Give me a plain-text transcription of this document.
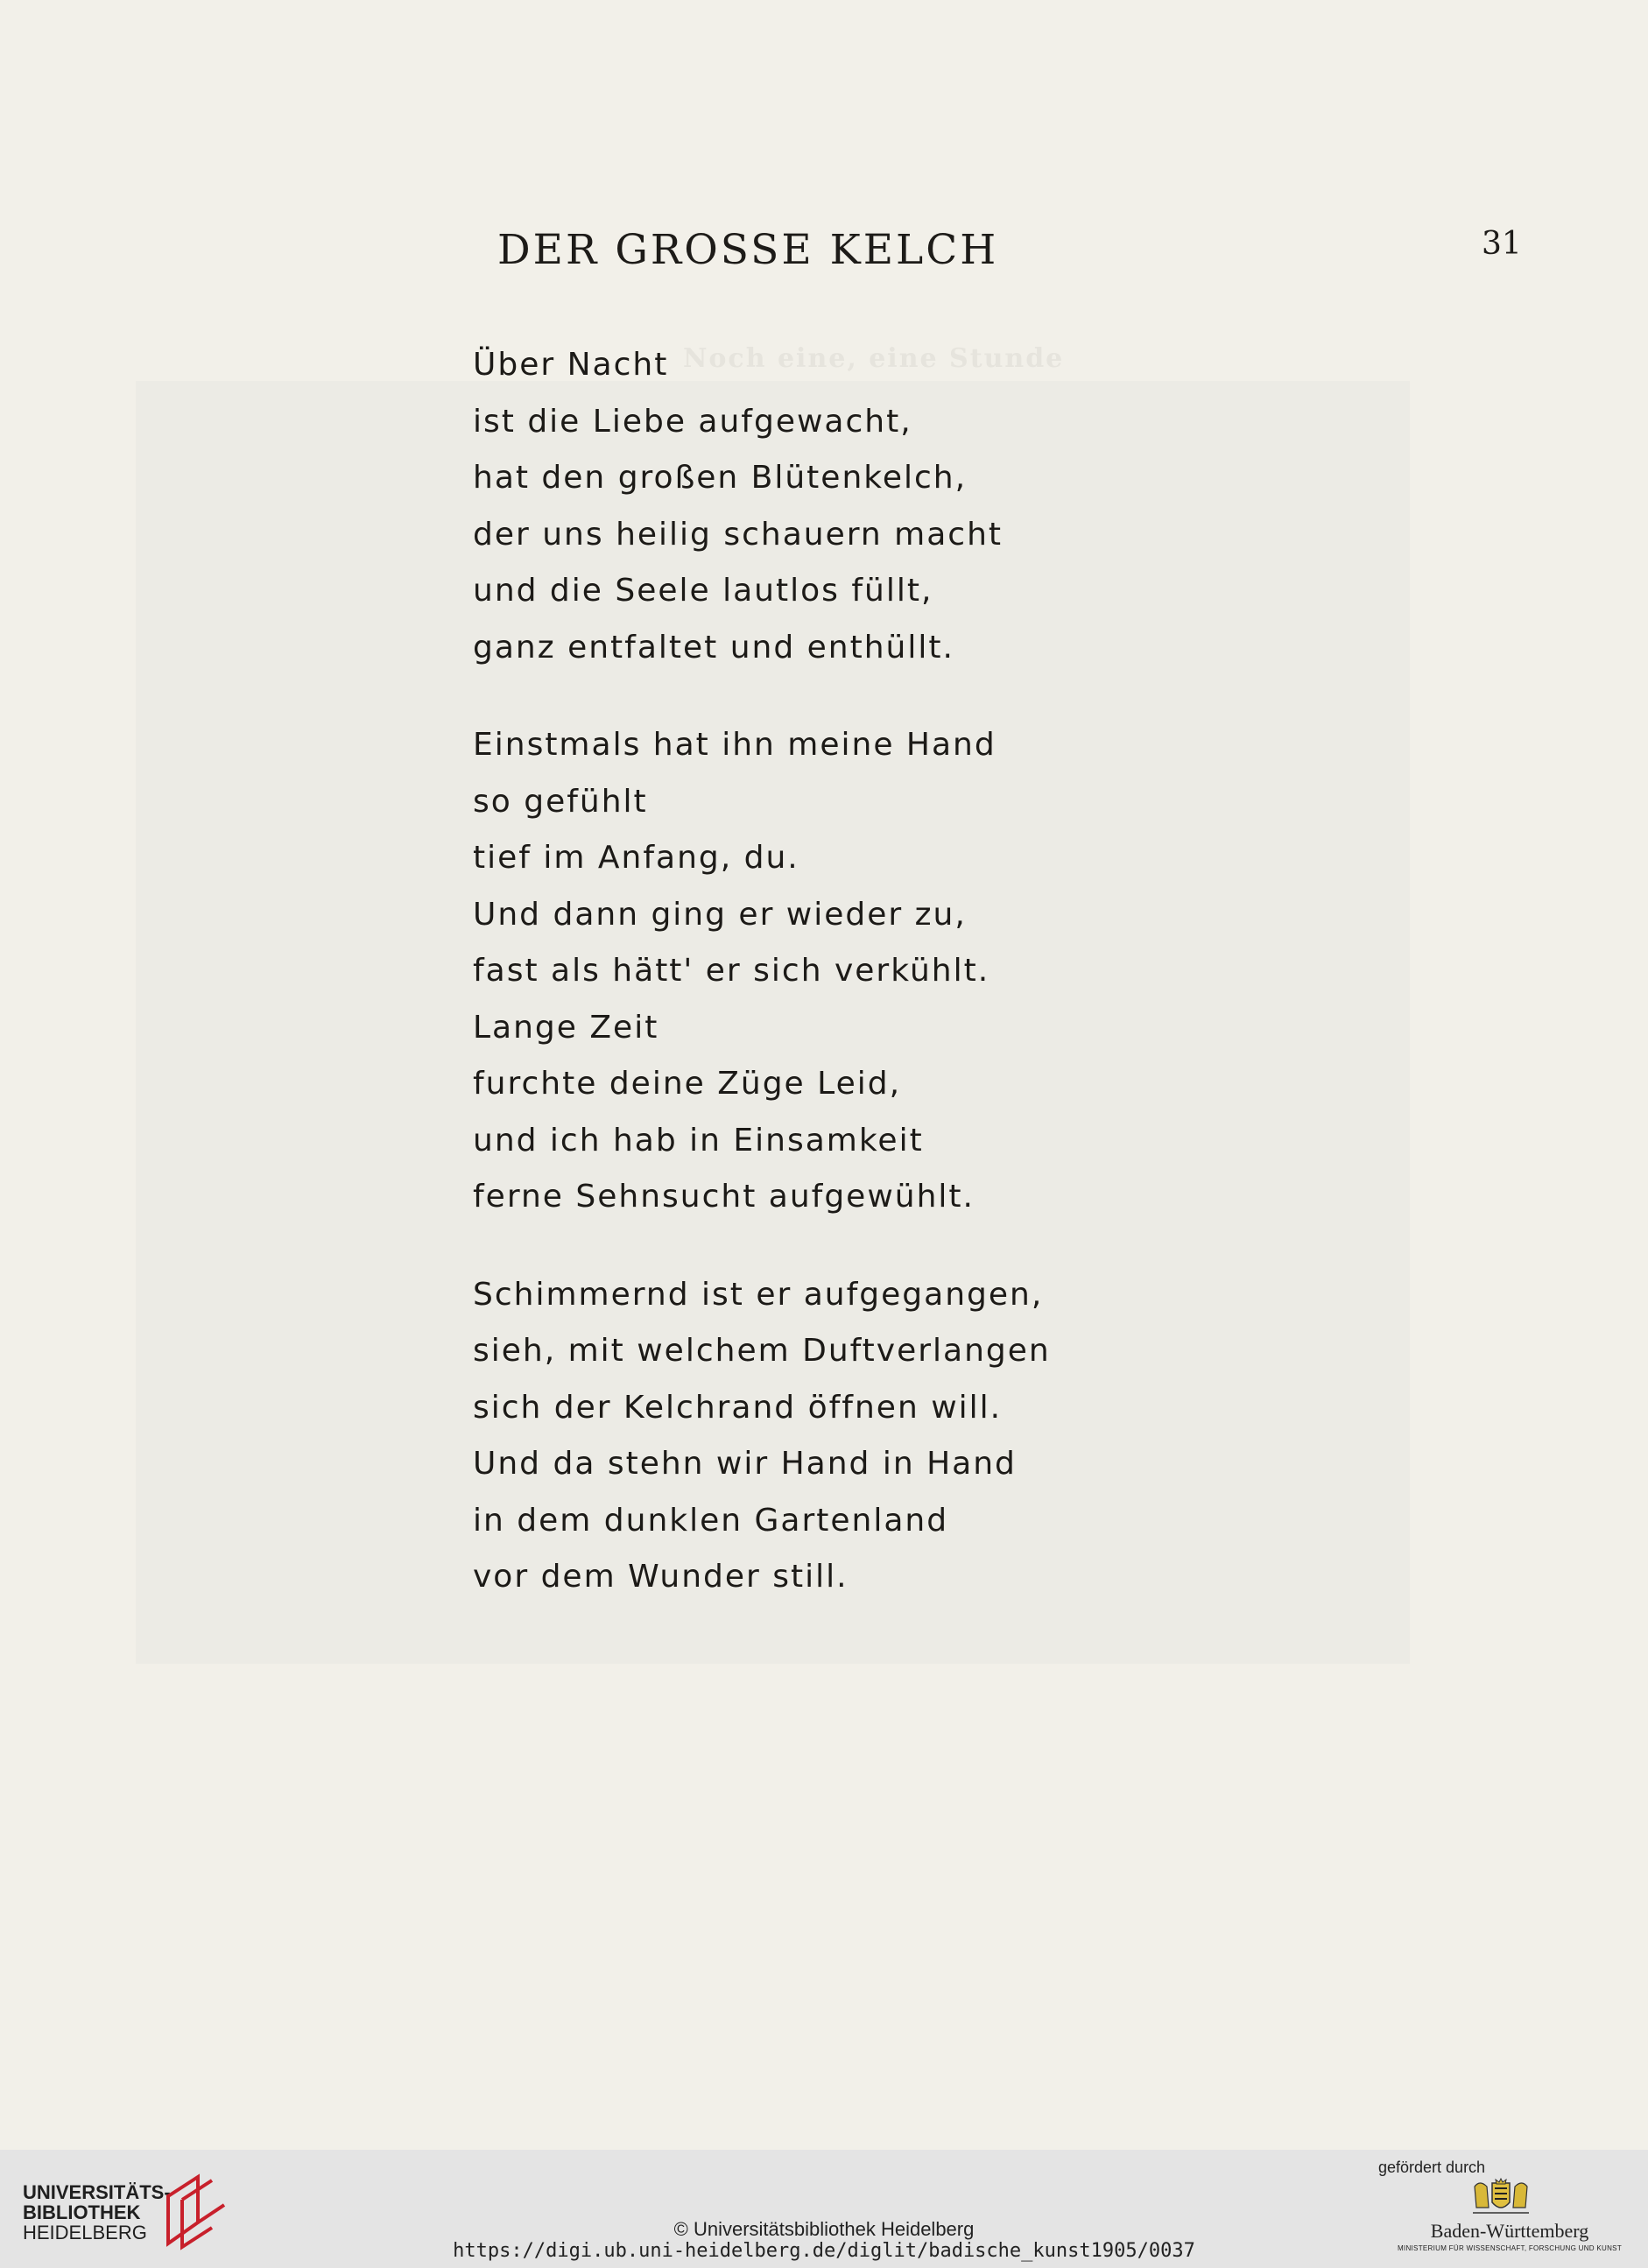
Noch eine, eine Stunde
DER GROSSE KELCH	31
Über Nacht
ist die Liebe aufgewacht,
hat den großen Blütenkelch,
der uns heilig schauern macht
und die Seele lautlos füllt,
ganz entfaltet und enthüllt.
Einstmals hat ihn meine Hand
so gefühlt
tief im Anfang, du.
Und dann ging er wieder zu,
fast als hätt' er sich verkühlt.
Lange Zeit
furchte deine Züge Leid,
und ich hab in Einsamkeit
ferne Sehnsucht aufgewühlt.
Schimmernd ist er aufgegangen,
sieh, mit welchem Duftverlangen
sich der Kelchrand öffnen will.
Und da stehn wir Hand in Hand
in dem dunklen Gartenland
vor dem Wunder still.
UNIVERSITÄTS-
BIBLIOTHEK
HEIDELBERG	© Universitätsbibliothek Heidelberg
https://digi.ub.uni-heidelberg.de/diglit/badische_kunst1905/0037
gefördert durch
Baden-Württemberg
MINISTERIUM FÜR WISSENSCHAFT, FORSCHUNG UND KUNST
